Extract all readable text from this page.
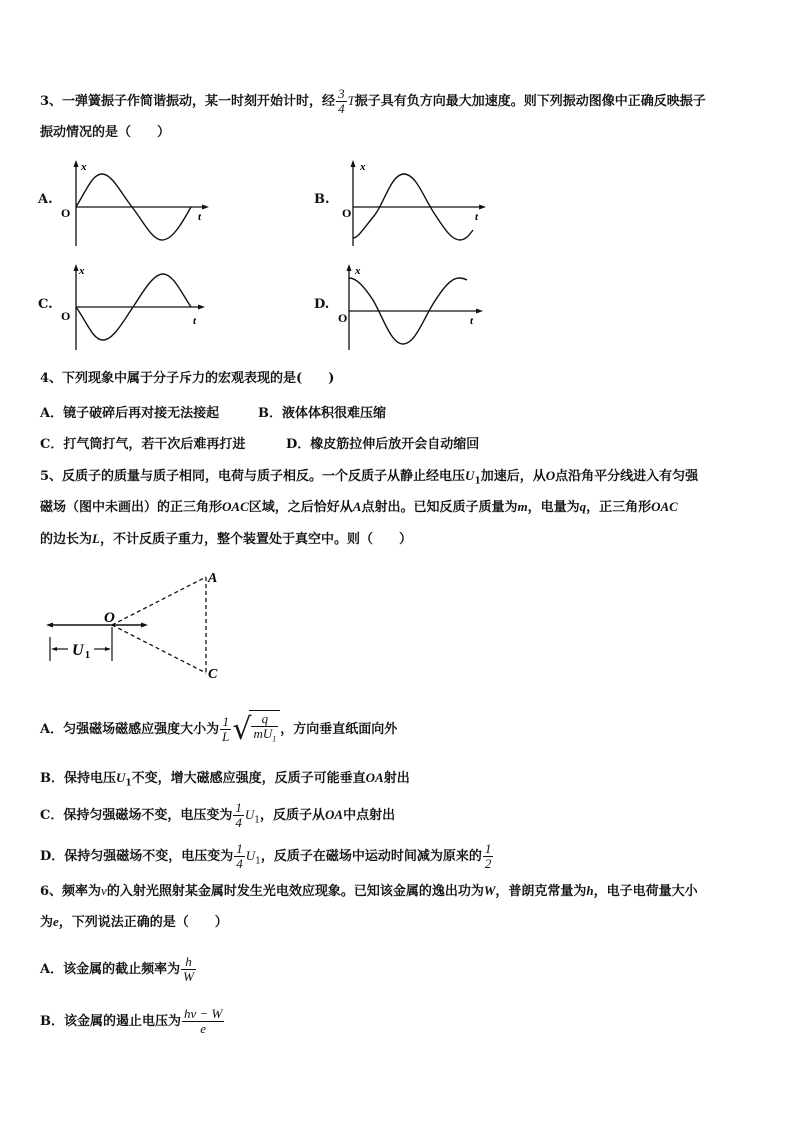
3、一弹簧振子作简谐振动，某一时刻开始计时，经 $\frac{3}{4}$ T振子具有负方向最大加速度。则下列振动图像中正确反映振子
振动情况的是（　　）
A.
x
t
O
B.
x
t
O
C.
x
t
O
D.
x
t
O
4、下列现象中属于分子斥力的宏观表现的是(　　)
A．镜子破碎后再对接无法接起	B．液体体积很难压缩
C．打气筒打气，若干次后难再打进	D．橡皮筋拉伸后放开会自动缩回
5、反质子的质量与质子相同，电荷与质子相反。一个反质子从静止经电压$U_1$加速后，从O点沿角平分线进入有匀强
磁场（图中未画出）的正三角形OAC区域，之后恰好从A点射出。已知反质子质量为m，电量为q，正三角形OAC
的边长为L，不计反质子重力，整个装置处于真空中。则（　　）
U 1
O
A
C
A．匀强磁场磁感应强度大小为 $\frac{1}{L}$ √ $\frac{q}{mU_1}$ ，方向垂直纸面向外
B．保持电压$U_1$不变，增大磁感应强度，反质子可能垂直OA射出
C．保持匀强磁场不变，电压变为 $\frac{1}{4} U_1$，反质子从OA中点射出
D．保持匀强磁场不变，电压变为 $\frac{1}{4} U_1$，反质子在磁场中运动时间减为原来的 $\frac{1}{2}$
6、频率为ν的入射光照射某金属时发生光电效应现象。已知该金属的逸出功为W，普朗克常量为h，电子电荷量大小
为e，下列说法正确的是（　　）
A．该金属的截止频率为 $\frac{h}{W}$
B．该金属的遏止电压为 $\frac{h\nu - W}{e}$
